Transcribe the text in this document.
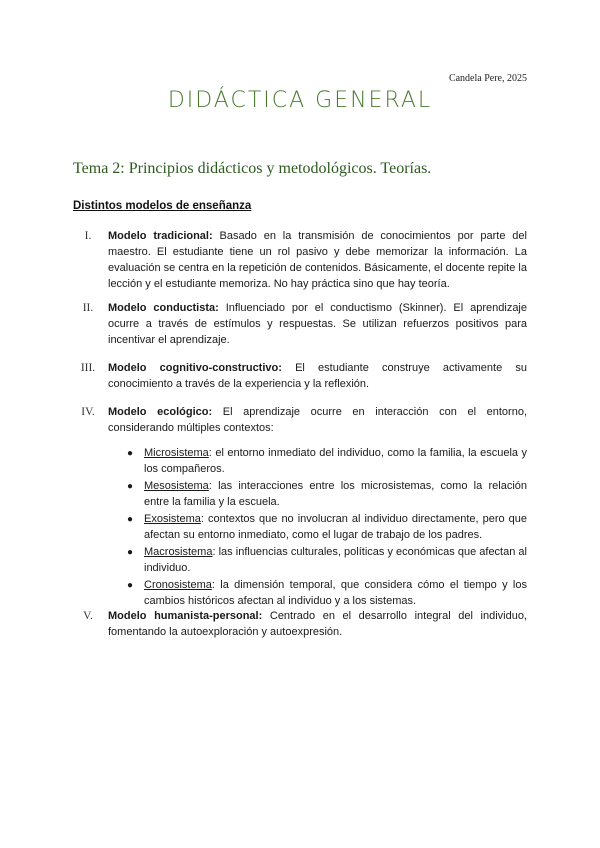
Candela Pere, 2025
DIDÁCTICA GENERAL
Tema 2: Principios didácticos y metodológicos. Teorías.
Distintos modelos de enseñanza
I.	Modelo tradicional: Basado en la transmisión de conocimientos por parte del maestro. El estudiante tiene un rol pasivo y debe memorizar la información. La evaluación se centra en la repetición de contenidos. Básicamente, el docente repite la lección y el estudiante memoriza. No hay práctica sino que hay teoría.
II.	Modelo conductista: Influenciado por el conductismo (Skinner). El aprendizaje ocurre a través de estímulos y respuestas. Se utilizan refuerzos positivos para incentivar el aprendizaje.
III.	Modelo cognitivo-constructivo: El estudiante construye activamente su conocimiento a través de la experiencia y la reflexión.
IV.	Modelo ecológico: El aprendizaje ocurre en interacción con el entorno, considerando múltiples contextos:
● Microsistema: el entorno inmediato del individuo, como la familia, la escuela y los compañeros.
● Mesosistema: las interacciones entre los microsistemas, como la relación entre la familia y la escuela.
● Exosistema: contextos que no involucran al individuo directamente, pero que afectan su entorno inmediato, como el lugar de trabajo de los padres.
● Macrosistema: las influencias culturales, políticas y económicas que afectan al individuo.
● Cronosistema: la dimensión temporal, que considera cómo el tiempo y los cambios históricos afectan al individuo y a los sistemas.
V.	Modelo humanista-personal: Centrado en el desarrollo integral del individuo, fomentando la autoexploración y autoexpresión.
